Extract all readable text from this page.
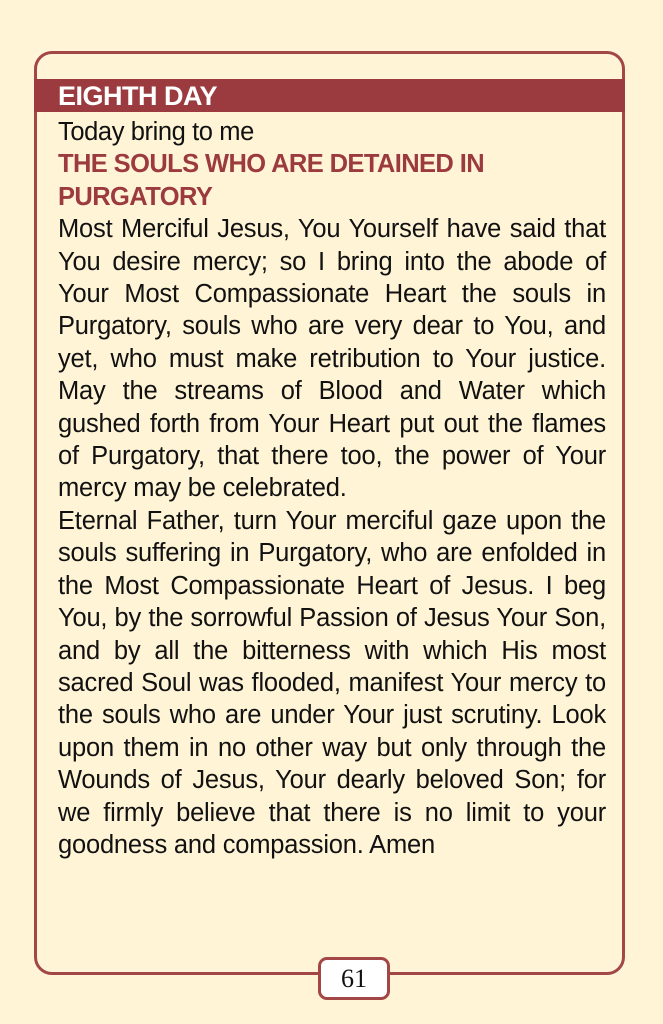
EIGHTH DAY

Today bring to me

THE SOULS WHO ARE DETAINED IN PURGATORY

Most Merciful Jesus, You Yourself have said that You desire mercy; so I bring into the abode of Your Most Compassionate Heart the souls in Purgatory, souls who are very dear to You, and yet, who must make retribution to Your justice. May the streams of Blood and Water which gushed forth from Your Heart put out the flames of Purgatory, that there too, the power of Your mercy may be celebrated.

Eternal Father, turn Your merciful gaze upon the souls suffering in Purgatory, who are enfolded in the Most Compassionate Heart of Jesus. I beg You, by the sorrowful Passion of Jesus Your Son, and by all the bitterness with which His most sacred Soul was flooded, manifest Your mercy to the souls who are under Your just scrutiny. Look upon them in no other way but only through the Wounds of Jesus, Your dearly beloved Son; for we firmly believe that there is no limit to your goodness and compassion. Amen

61
